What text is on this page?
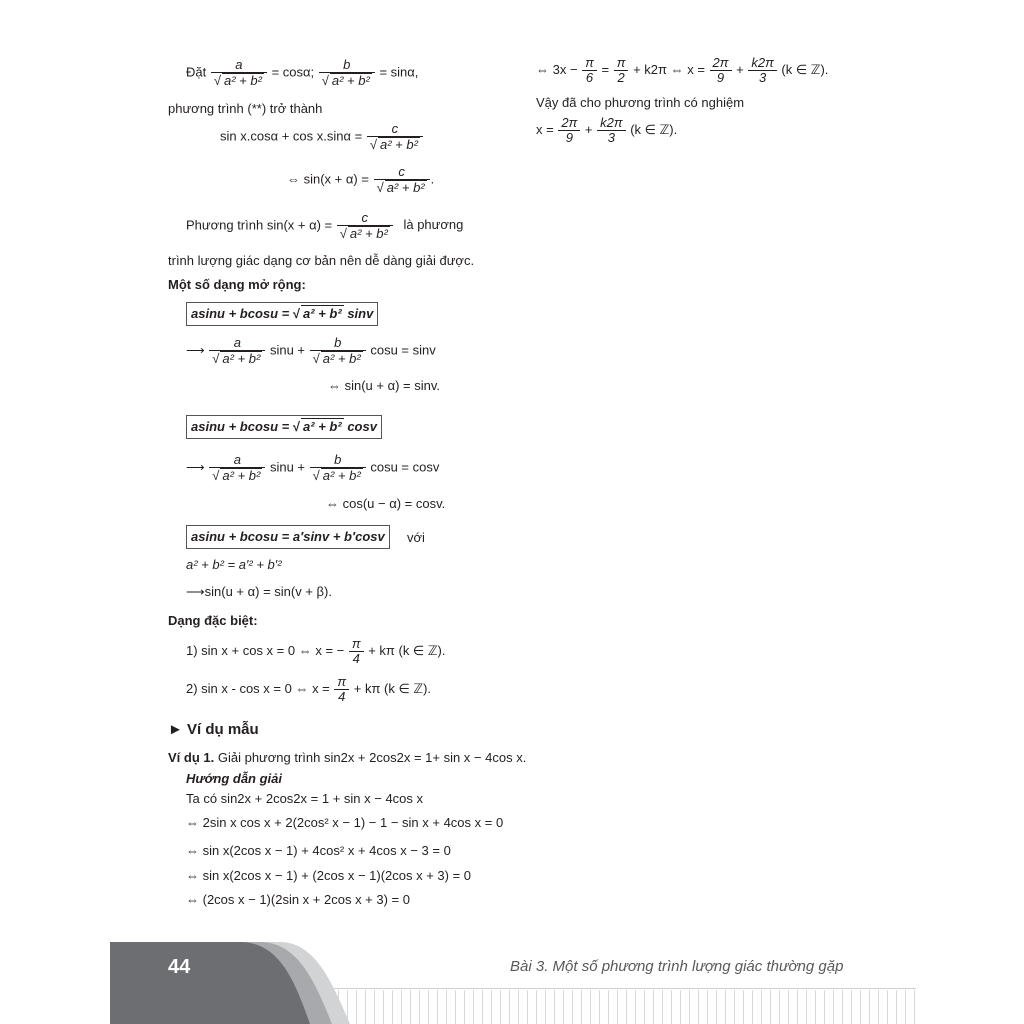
Đặt $\frac{a}{\text{√ a² + b²}} = \cos\alpha$; $\frac{b}{\text{√ a² + b²}} = \sin\alpha$,
phương trình (**) trở thành
$\sin x.\cos\alpha + \cos x.\sin\alpha = \frac{c}{\text{√ a² + b²}}$
⇔ $\sin(x + \alpha) = \frac{c}{\text{√ a² + b²}}$ .
Phương trình $\sin(x + \alpha) = \frac{c}{\text{√ a² + b²}}$ là phương
trình lượng giác dạng cơ bản nên dễ dàng giải được.
Một số dạng mở rộng:
asinu + bcosu = √ a² + b² sinv
⟶ $\frac{a}{\text{√ a² + b²}}$ $\sin u + \frac{b}{\text{√ a² + b²}}$ cosu = sinv
⇔ sin(u + α) = sinv.
asinu + bcosu = √ a² + b² cosv
⟶ $\frac{a}{\text{√ a² + b²}}$ $\sin u + \frac{b}{\text{√ a² + b²}}$ cosu = cosv
⇔ cos(u − α) = cosv.
asinu + bcosu = a′sinv + b′cosv	với
a² + b² = a′² + b′²
⟶sin(u + α) = sin(v + β).
Dạng đặc biệt:
1) sin x + cos x = 0 ⇔ x = − $\frac{\pi}{4} + k\pi$ (k ∈ ℤ).
2) sin x - cos x = 0 ⇔ $x = \frac{\pi}{4} + k\pi$ (k ∈ ℤ).
► Ví dụ mẫu
Ví dụ 1. Giải phương trình sin2x + 2cos2x = 1+ sin x − 4cos x.
Hướng dẫn giải
Ta có sin2x + 2cos2x = 1 + sin x − 4cos x
⇔ 2sin x cos x + 2(2cos² x − 1) − 1 − sin x + 4cos x = 0
⇔ sin x(2cos x − 1) + 4cos² x + 4cos x − 3 = 0
⇔ sin x(2cos x − 1) + (2cos x − 1)(2cos x + 3) = 0
⇔ (2cos x − 1)(2sin x + 2cos x + 3) = 0
⇔ $3x - \frac{\pi}{6} = \frac{\pi}{2} + k2\pi$ ⇔ $x = \frac{2\pi}{9} + \frac{k2\pi}{3} (k$ ∈ ℤ).
Vậy đã cho phương trình có nghiệm
$x = \frac{2\pi}{9} + \frac{k2\pi}{3} (k$ ∈ ℤ).
44	Bài 3. Một số phương trình lượng giác thường gặp
